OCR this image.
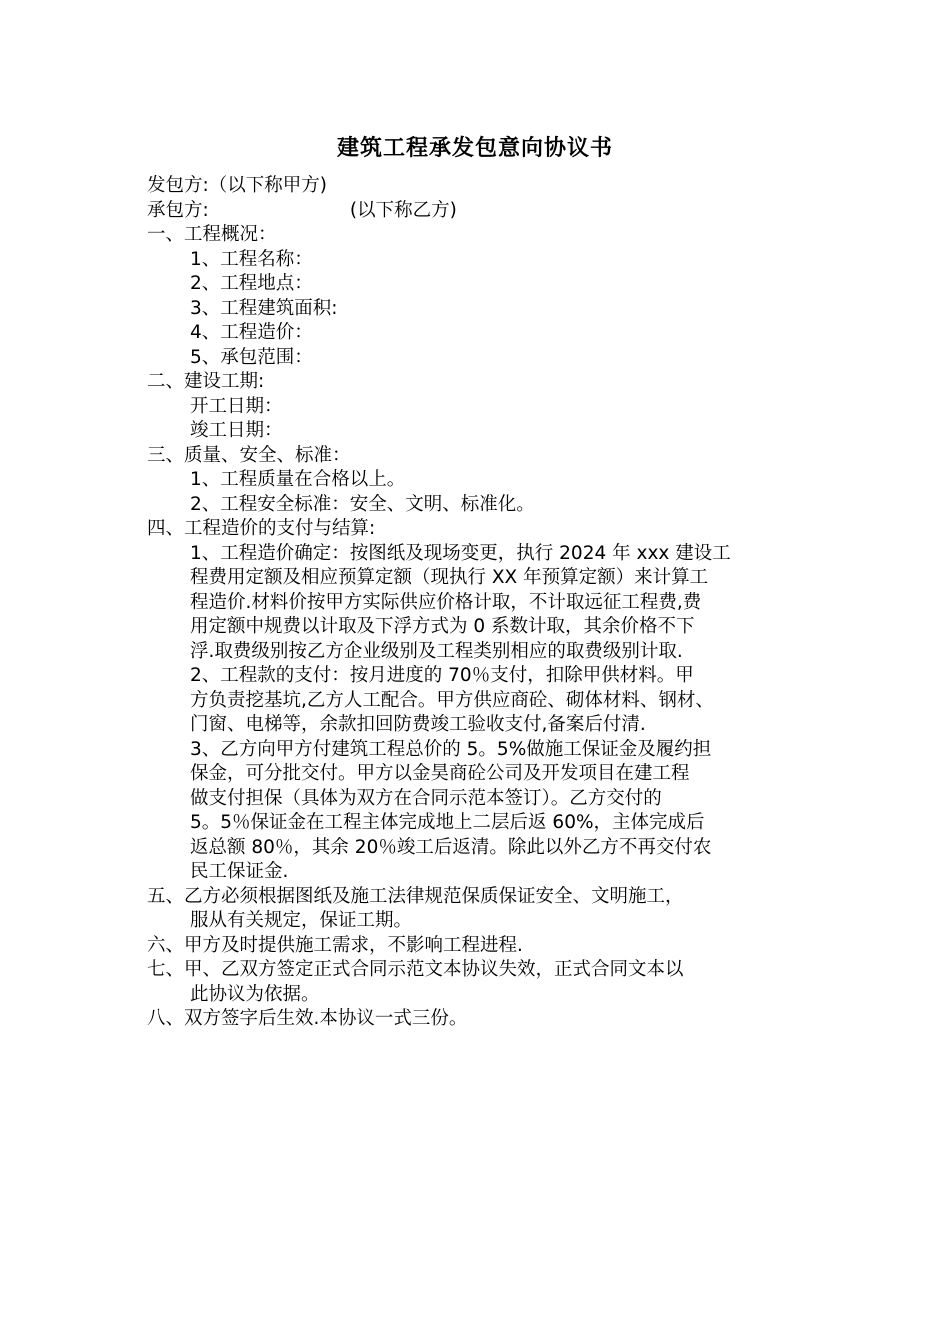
建筑工程承发包意向协议书

发包方:（以下称甲方)

承包方:                        (以下称乙方)

一、工程概况：

1、工程名称：

2、工程地点：

3、工程建筑面积:

4、工程造价：

5、承包范围：

二、建设工期:

开工日期：

竣工日期：

三、质量、安全、标准：

1、工程质量在合格以上。

2、工程安全标准：安全、文明、标准化。

四、工程造价的支付与结算:

1、工程造价确定：按图纸及现场变更，执行 2024 年 xxx 建设工

程费用定额及相应预算定额（现执行 XX 年预算定额）来计算工

程造价.材料价按甲方实际供应价格计取，不计取远征工程费,费

用定额中规费以计取及下浮方式为 0 系数计取，其余价格不下

浮.取费级别按乙方企业级别及工程类别相应的取费级别计取.

2、工程款的支付：按月进度的 70％支付，扣除甲供材料。甲

方负责挖基坑,乙方人工配合。甲方供应商砼、砌体材料、钢材、

门窗、电梯等，余款扣回防费竣工验收支付,备案后付清.

3、乙方向甲方付建筑工程总价的 5。5%做施工保证金及履约担

保金，可分批交付。甲方以金昊商砼公司及开发项目在建工程

做支付担保（具体为双方在合同示范本签订）。乙方交付的

5。5％保证金在工程主体完成地上二层后返 60%，主体完成后

返总额 80％，其余 20％竣工后返清。除此以外乙方不再交付农

民工保证金.

五、乙方必须根据图纸及施工法律规范保质保证安全、文明施工，

服从有关规定，保证工期。

六、甲方及时提供施工需求，不影响工程进程.

七、甲、乙双方签定正式合同示范文本协议失效，正式合同文本以

此协议为依据。

八、双方签字后生效.本协议一式三份。
